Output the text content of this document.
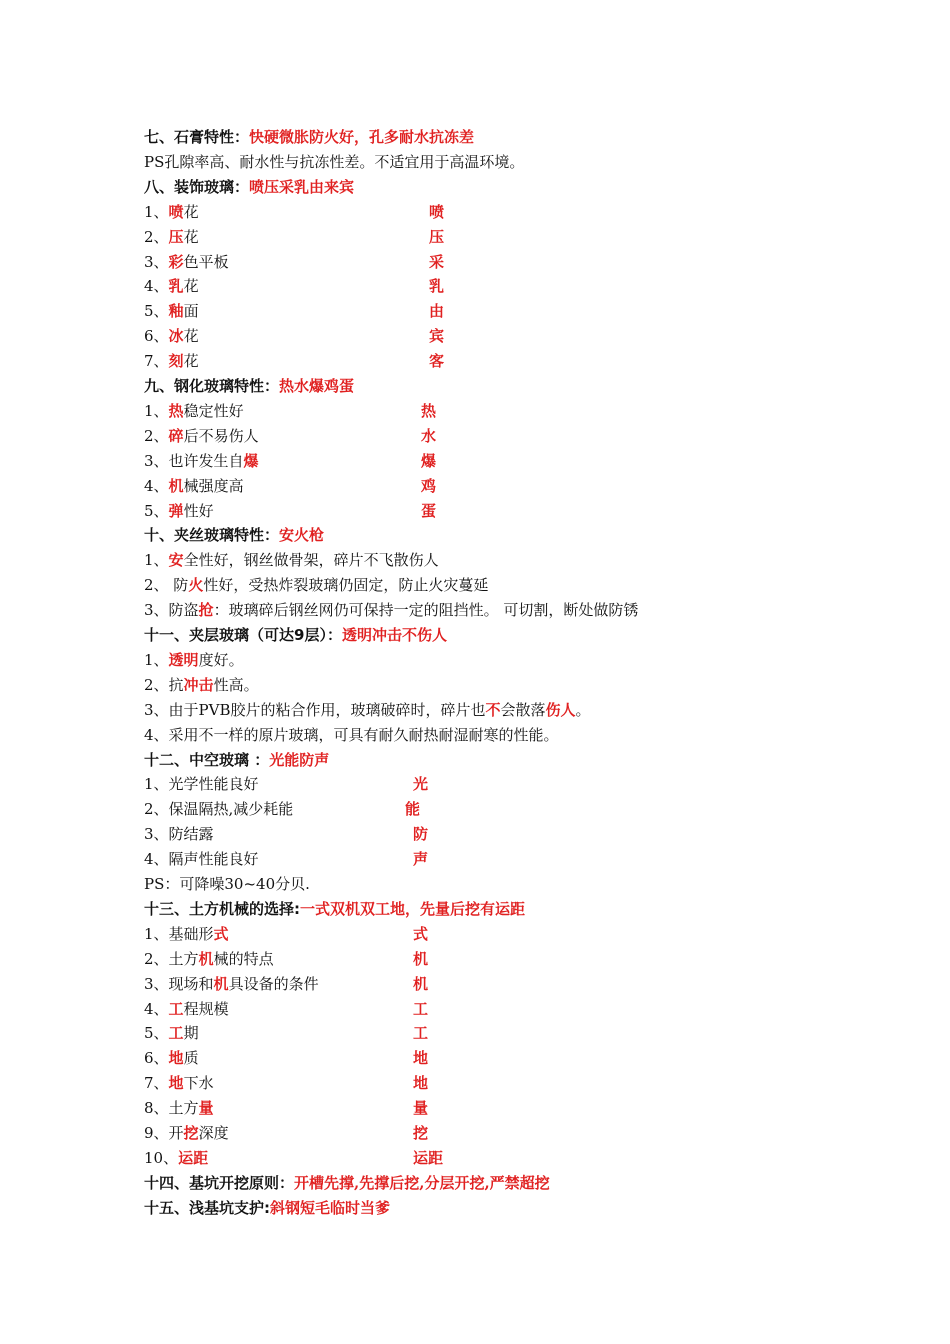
七、石膏特性：快硬微胀防火好，孔多耐水抗冻差
PS孔隙率高、耐水性与抗冻性差。不适宜用于高温环境。
八、装饰玻璃：喷压采乳由来宾
1、喷花	喷
2、压花	压
3、彩色平板	采
4、乳花	乳
5、釉面	由
6、冰花	宾
7、刻花	客
九、钢化玻璃特性：热水爆鸡蛋
1、热稳定性好	热
2、碎后不易伤人	水
3、也许发生自爆	爆
4、机械强度高	鸡
5、弹性好	蛋
十、夹丝玻璃特性：安火枪
1、安全性好，钢丝做骨架，碎片不飞散伤人
2、 防火性好，受热炸裂玻璃仍固定，防止火灾蔓延
3、防盗抢：玻璃碎后钢丝网仍可保持一定的阻挡性。 可切割，断处做防锈
十一、夹层玻璃（可达9层）：透明冲击不伤人
1、透明度好。
2、抗冲击性高。
3、由于PVB胶片的粘合作用，玻璃破碎时，碎片也不会散落伤人。
4、采用不一样的原片玻璃，可具有耐久耐热耐湿耐寒的性能。
十二、中空玻璃 ：光能防声
1、光学性能良好	光
2、保温隔热,减少耗能	能
3、防结露	防
4、隔声性能良好	声
PS：可降噪30~40分贝.
十三、土方机械的选择:一式双机双工地，先量后挖有运距
1、基础形式	式
2、土方机械的特点	机
3、现场和机具设备的条件	机
4、工程规模	工
5、工期	工
6、地质	地
7、地下水	地
8、土方量	量
9、开挖深度	挖
10、运距	运距
十四、基坑开挖原则：开槽先撑,先撑后挖,分层开挖,严禁超挖
十五、浅基坑支护:斜钢短毛临时当爹
